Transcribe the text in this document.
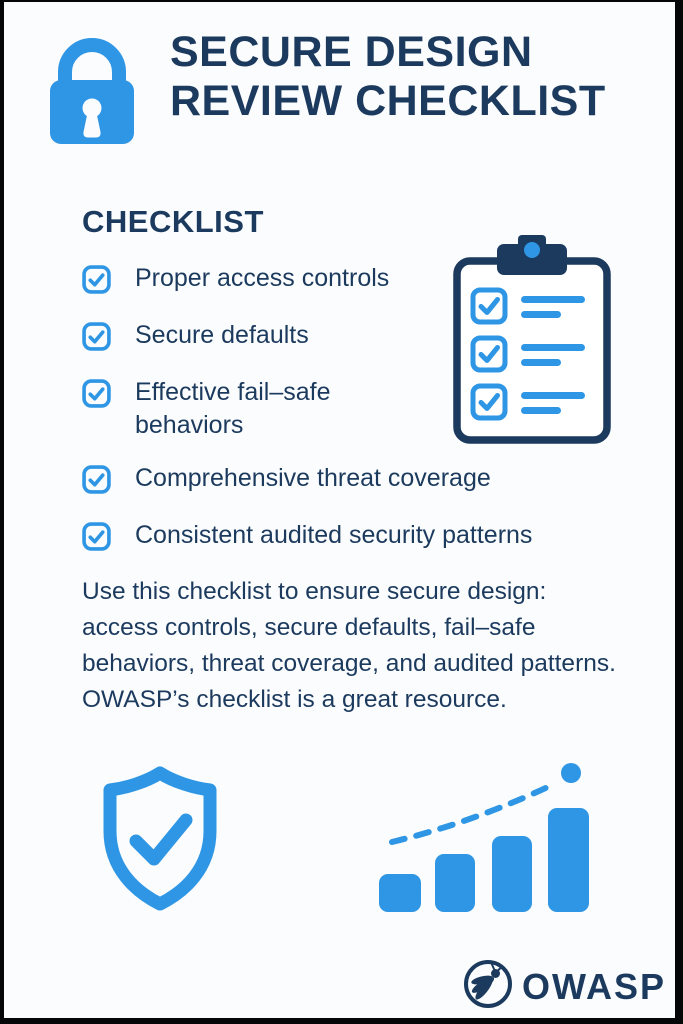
SECURE DESIGN
REVIEW CHECKLIST
CHECKLIST
Proper access controls
Secure defaults
Effective fail–safe behaviors
Comprehensive threat coverage
Consistent audited security patterns
Use this checklist to ensure secure design: access controls, secure defaults, fail–safe behaviors, threat coverage, and audited patterns. OWASP’s checklist is a great resource.
OWASP
